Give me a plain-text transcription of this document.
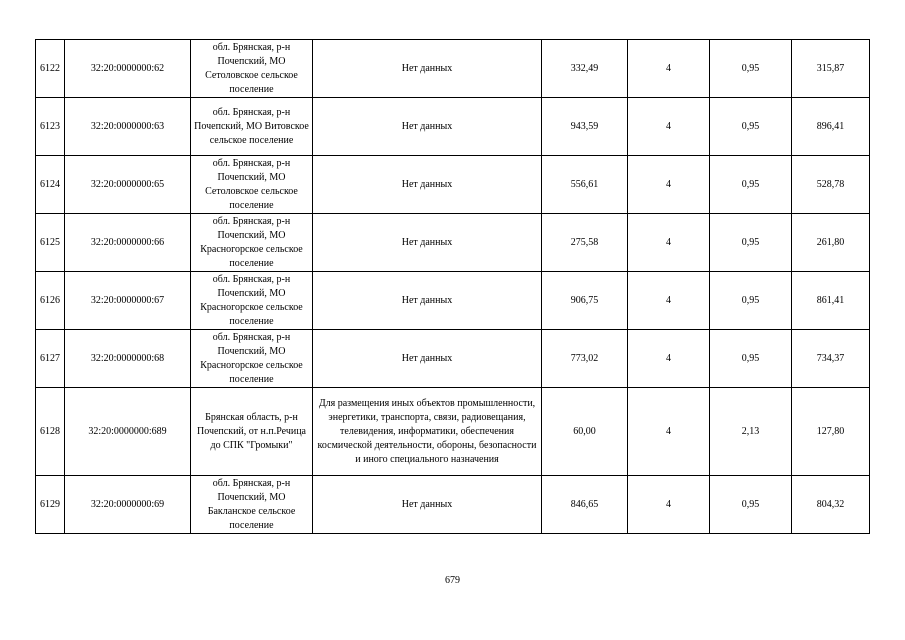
6122	32:20:0000000:62	обл. Брянская, р-н Почепский, МО Сетоловское сельское поселение	Нет данных	332,49	4	0,95	315,87
6123	32:20:0000000:63	обл. Брянская, р-н Почепский, МО Витовское сельское поселение	Нет данных	943,59	4	0,95	896,41
6124	32:20:0000000:65	обл. Брянская, р-н Почепский, МО Сетоловское сельское поселение	Нет данных	556,61	4	0,95	528,78
6125	32:20:0000000:66	обл. Брянская, р-н Почепский, МО Красногорское сельское поселение	Нет данных	275,58	4	0,95	261,80
6126	32:20:0000000:67	обл. Брянская, р-н Почепский, МО Красногорское сельское поселение	Нет данных	906,75	4	0,95	861,41
6127	32:20:0000000:68	обл. Брянская, р-н Почепский, МО Красногорское сельское поселение	Нет данных	773,02	4	0,95	734,37
6128	32:20:0000000:689	Брянская область, р-н Почепский, от н.п.Речица до СПК "Громыки"	Для размещения иных объектов промышленности, энергетики, транспорта, связи, радиовещания, телевидения, информатики, обеспечения космической деятельности, обороны, безопасности и иного специального назначения	60,00	4	2,13	127,80
6129	32:20:0000000:69	обл. Брянская, р-н Почепский, МО Бакланское сельское поселение	Нет данных	846,65	4	0,95	804,32
679
